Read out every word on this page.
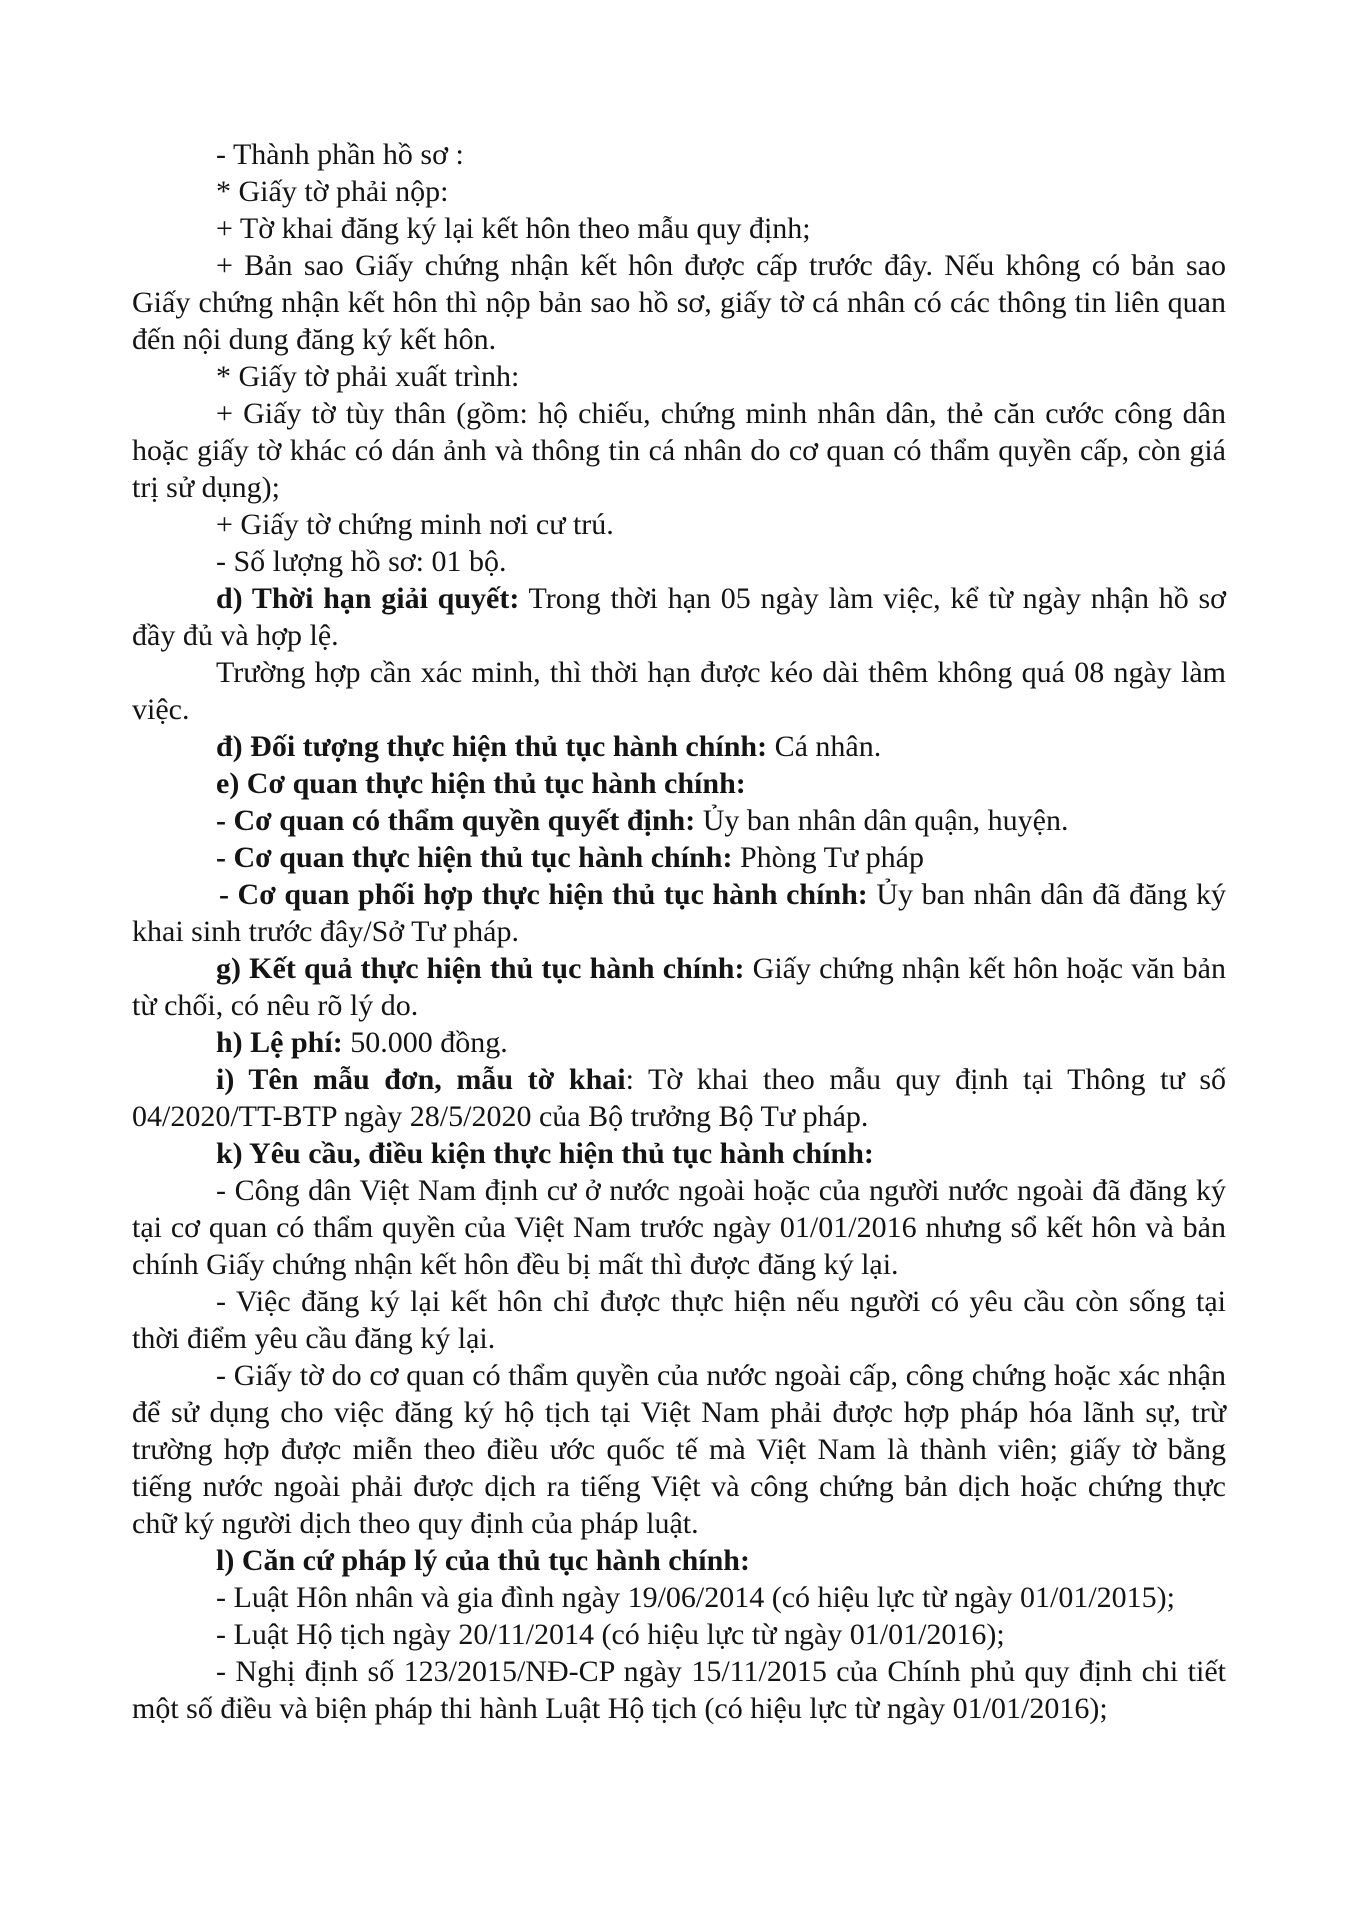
- Thành phần hồ sơ :

* Giấy tờ phải nộp:

+ Tờ khai đăng ký lại kết hôn theo mẫu quy định;

+ Bản sao Giấy chứng nhận kết hôn được cấp trước đây. Nếu không có bản sao Giấy chứng nhận kết hôn thì nộp bản sao hồ sơ, giấy tờ cá nhân có các thông tin liên quan đến nội dung đăng ký kết hôn.

* Giấy tờ phải xuất trình:

+ Giấy tờ tùy thân (gồm: hộ chiếu, chứng minh nhân dân, thẻ căn cước công dân hoặc giấy tờ khác có dán ảnh và thông tin cá nhân do cơ quan có thẩm quyền cấp, còn giá trị sử dụng);

+ Giấy tờ chứng minh nơi cư trú.

- Số lượng hồ sơ: 01 bộ.

d) Thời hạn giải quyết: Trong thời hạn 05 ngày làm việc, kể từ ngày nhận hồ sơ đầy đủ và hợp lệ.

Trường hợp cần xác minh, thì thời hạn được kéo dài thêm không quá 08 ngày làm việc.

đ) Đối tượng thực hiện thủ tục hành chính: Cá nhân.

e) Cơ quan thực hiện thủ tục hành chính:

- Cơ quan có thẩm quyền quyết định: Ủy ban nhân dân quận, huyện.

- Cơ quan thực hiện thủ tục hành chính: Phòng Tư pháp

- Cơ quan phối hợp thực hiện thủ tục hành chính: Ủy ban nhân dân đã đăng ký khai sinh trước đây/Sở Tư pháp.

g) Kết quả thực hiện thủ tục hành chính: Giấy chứng nhận kết hôn hoặc văn bản từ chối, có nêu rõ lý do.

h) Lệ phí: 50.000 đồng.

i) Tên mẫu đơn, mẫu tờ khai: Tờ khai theo mẫu quy định tại Thông tư số 04/2020/TT-BTP ngày 28/5/2020 của Bộ trưởng Bộ Tư pháp.

k) Yêu cầu, điều kiện thực hiện thủ tục hành chính:

- Công dân Việt Nam định cư ở nước ngoài hoặc của người nước ngoài đã đăng ký tại cơ quan có thẩm quyền của Việt Nam trước ngày 01/01/2016 nhưng sổ kết hôn và bản chính Giấy chứng nhận kết hôn đều bị mất thì được đăng ký lại.

- Việc đăng ký lại kết hôn chỉ được thực hiện nếu người có yêu cầu còn sống tại thời điểm yêu cầu đăng ký lại.

- Giấy tờ do cơ quan có thẩm quyền của nước ngoài cấp, công chứng hoặc xác nhận để sử dụng cho việc đăng ký hộ tịch tại Việt Nam phải được hợp pháp hóa lãnh sự, trừ trường hợp được miễn theo điều ước quốc tế mà Việt Nam là thành viên; giấy tờ bằng tiếng nước ngoài phải được dịch ra tiếng Việt và công chứng bản dịch hoặc chứng thực chữ ký người dịch theo quy định của pháp luật.

l) Căn cứ pháp lý của thủ tục hành chính:

- Luật Hôn nhân và gia đình ngày 19/06/2014 (có hiệu lực từ ngày 01/01/2015);

- Luật Hộ tịch ngày 20/11/2014 (có hiệu lực từ ngày 01/01/2016);

- Nghị định số 123/2015/NĐ-CP ngày 15/11/2015 của Chính phủ quy định chi tiết một số điều và biện pháp thi hành Luật Hộ tịch (có hiệu lực từ ngày 01/01/2016);
